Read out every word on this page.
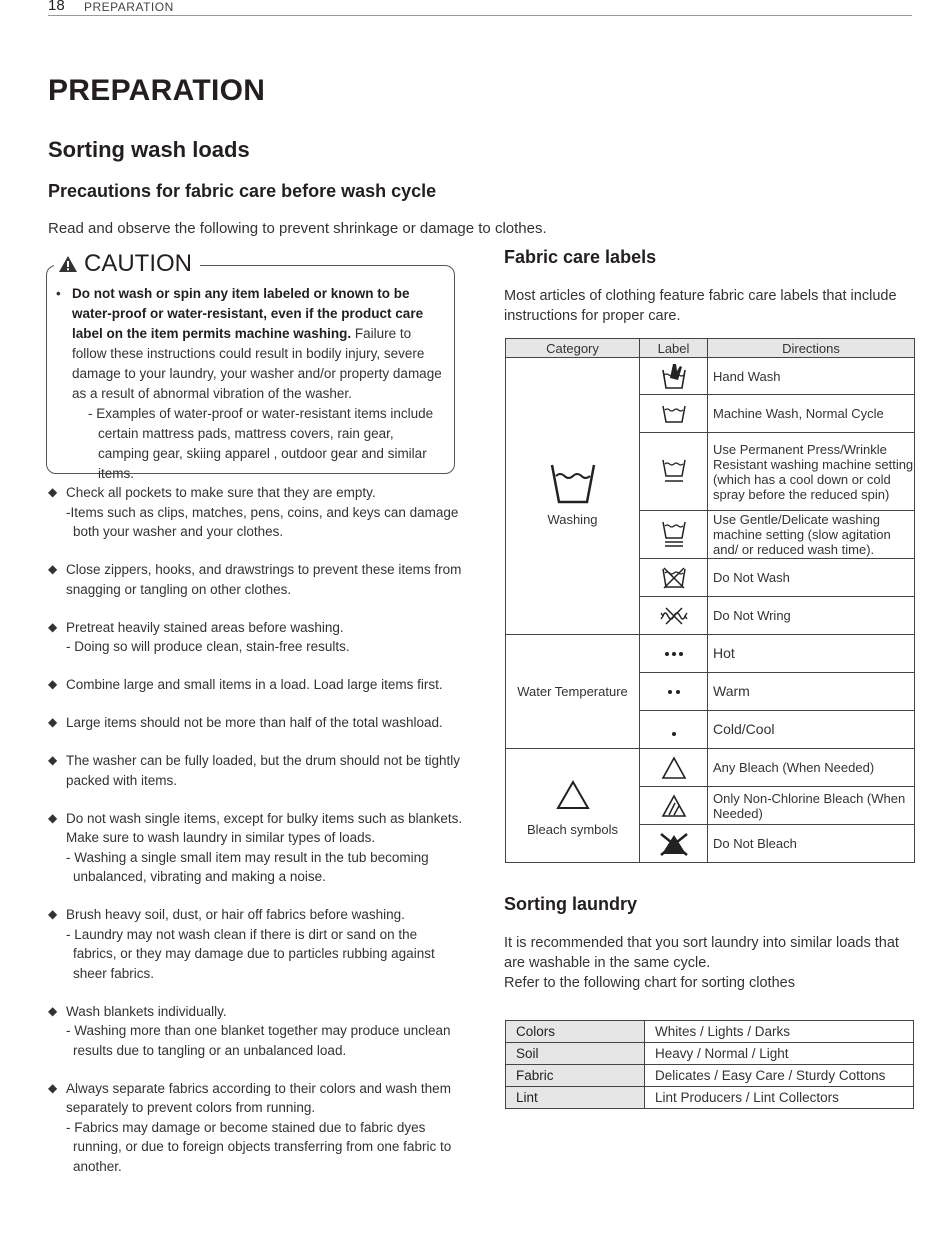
18 PREPARATION
PREPARATION
Sorting wash loads
Precautions for fabric care before wash cycle
Read and observe the following to prevent shrinkage or damage to clothes.
CAUTION
• Do not wash or spin any item labeled or known to be water-proof or water-resistant, even if the product care label on the item permits machine washing. Failure to follow these instructions could result in bodily injury, severe damage to your laundry, your washer and/or property damage as a result of abnormal vibration of the washer.
- Examples of water-proof or water-resistant items include certain mattress pads, mattress covers, rain gear, camping gear, skiing apparel , outdoor gear and similar items.
◆ Check all pockets to make sure that they are empty.
-Items such as clips, matches, pens, coins, and keys can damage both your washer and your clothes.
◆ Close zippers, hooks, and drawstrings to prevent these items from snagging or tangling on other clothes.
◆ Pretreat heavily stained areas before washing.
- Doing so will produce clean, stain-free results.
◆ Combine large and small items in a load. Load large items first.
◆ Large items should not be more than half of the total washload.
◆ The washer can be fully loaded, but the drum should not be tightly packed with items.
◆ Do not wash single items, except for bulky items such as blankets. Make sure to wash laundry in similar types of loads.
- Washing a single small item may result in the tub becoming unbalanced, vibrating and making a noise.
◆ Brush heavy soil, dust, or hair off fabrics before washing.
- Laundry may not wash clean if there is dirt or sand on the fabrics, or they may damage due to particles rubbing against sheer fabrics.
◆ Wash blankets individually.
- Washing more than one blanket together may produce unclean results due to tangling or an unbalanced load.
◆ Always separate fabrics according to their colors and wash them separately to prevent colors from running.
- Fabrics may damage or become stained due to fabric dyes running, or due to foreign objects transferring from one fabric to another.
Fabric care labels
Most articles of clothing feature fabric care labels that include instructions for proper care.
Category	Label	Directions

Washing		Hand Wash

	Machine Wash, Normal Cycle

	Use Permanent Press/Wrinkle Resistant washing machine setting (which has a cool down or cold spray before the reduced spin)

	Use Gentle/Delicate washing machine setting (slow agitation and/ or reduced wash time).

	Do Not Wash

	Do Not Wring
Water Temperature		Hot

	Warm

	Cold/Cool

Bleach symbols		Any Bleach (When Needed)

	Only Non-Chlorine Bleach (When Needed)

	Do Not Bleach
Sorting laundry
It is recommended that you sort laundry into similar loads that are washable in the same cycle.
Refer to the following chart for sorting clothes
Colors	Whites / Lights / Darks
Soil	Heavy / Normal / Light
Fabric	Delicates / Easy Care / Sturdy Cottons
Lint	Lint Producers / Lint Collectors
